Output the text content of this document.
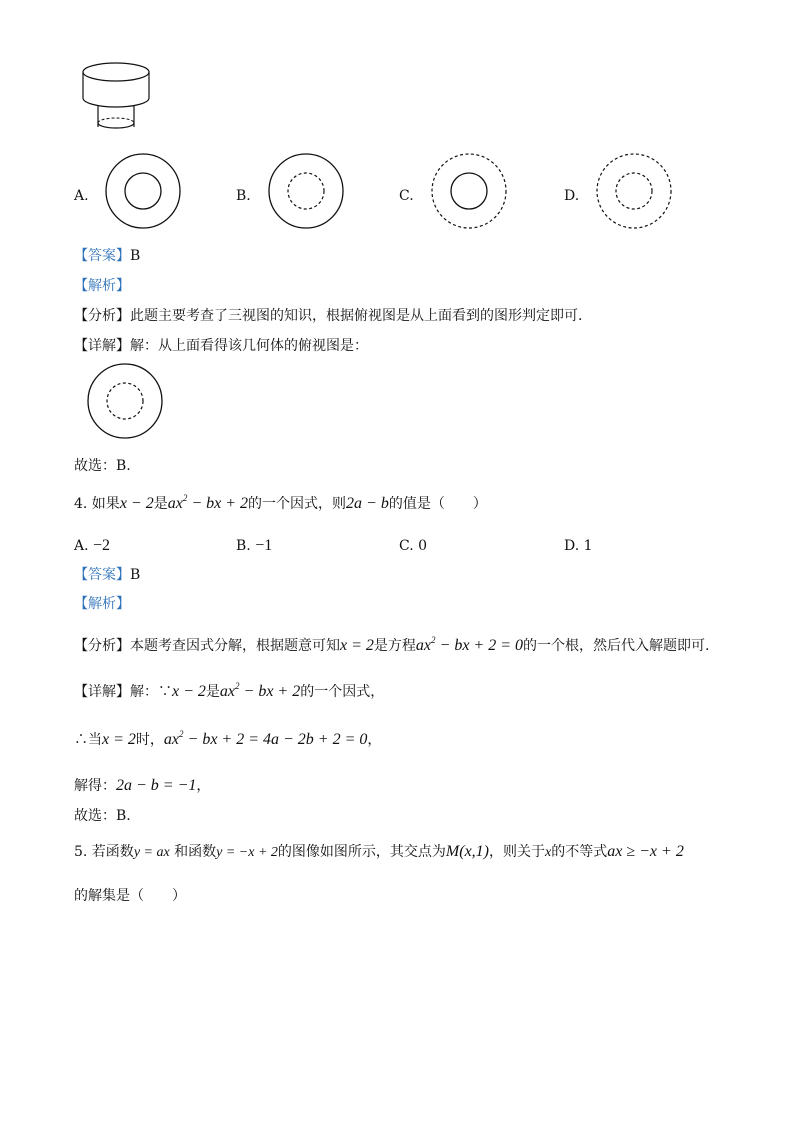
A.	B.	C.	D.
【答案】B
【解析】
【分析】此题主要考查了三视图的知识，根据俯视图是从上面看到的图形判定即可.
【详解】解：从上面看得该几何体的俯视图是：
故选：B.
4. 如果x − 2是$ax^2$ − bx + 2的一个因式，则2a − b的值是（　　）
A. −2	B. −1	C. 0	D. 1
【答案】B
【解析】
【分析】本题考查因式分解，根据题意可知x = 2是方程$ax^2$ − bx + 2 = 0的一个根，然后代入解题即可.
【详解】解：∵x − 2是$ax^2$ − bx + 2的一个因式，
∴当x = 2时，$ax^2$ − bx + 2 = 4a − 2b + 2 = 0，
解得：2a − b = −1，
故选：B.
5. 若函数y = ax 和函数y = −x + 2的图像如图所示，其交点为M(x,1)，则关于x的不等式ax ≥ −x + 2
的解集是（　　）
